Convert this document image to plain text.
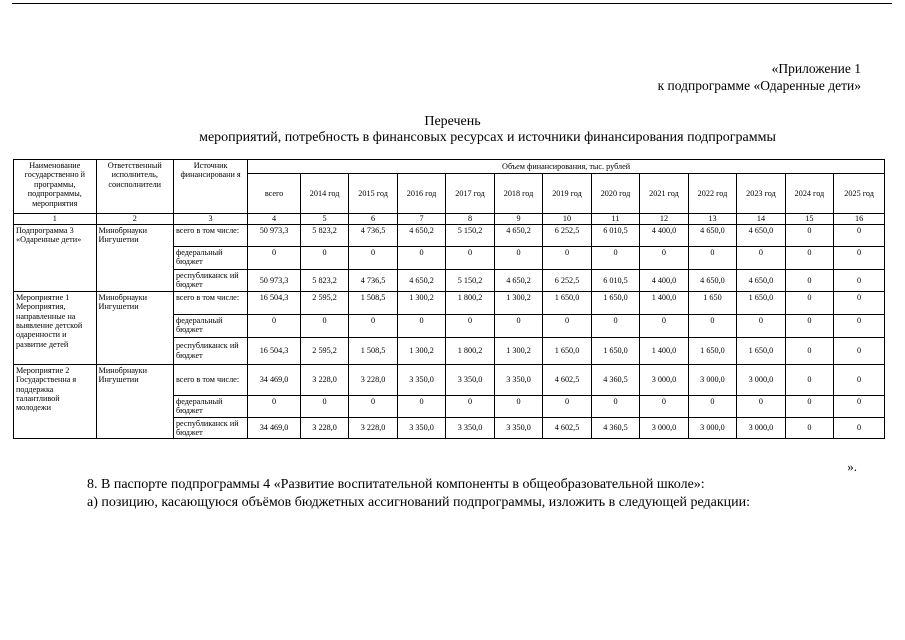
«Приложение 1
к подпрограмме «Одаренные дети»
Перечень
мероприятий, потребность в финансовых ресурсах и источники финансирования подпрограммы
Наименование государственно й программы, подпрограммы, мероприятия	Ответственный исполнитель, соисполнители	Источник финансировани я	Объем финансирования, тыс. рублей												
			всего	2014 год	2015 год	2016 год	2017 год	2018 год	2019 год	2020 год	2021 год	2022 год	2023 год	2024 год	2025 год
1	2	3	4	5	6	7	8	9	10	11	12	13	14	15	16
Подпрограмма 3 «Одаренные дети»	Минобрнауки Ингушетии	всего в том числе:	50 973,3	5 823,2	4 736,5	4 650,2	5 150,2	4 650,2	6 252,5	6 010,5	4 400,0	4 650,0	4 650,0	0	0
		федеральный бюджет	0	0	0	0	0	0	0	0	0	0	0	0	0
		республиканск ий бюджет	50 973,3	5 823,2	4 736,5	4 650,2	5 150,2	4 650,2	6 252,5	6 010,5	4 400,0	4 650,0	4 650,0	0	0
Мероприятие 1 Мероприятия, направленные на выявление детской одаренности и развитие детей	Минобрнауки Ингушетии	всего в том числе:	16 504,3	2 595,2	1 508,5	1 300,2	1 800,2	1 300,2	1 650,0	1 650,0	1 400,0	1 650	1 650,0	0	0
		федеральный бюджет	0	0	0	0	0	0	0	0	0	0	0	0	0
		республиканск ий бюджет	16 504,3	2 595,2	1 508,5	1 300,2	1 800,2	1 300,2	1 650,0	1 650,0	1 400,0	1 650,0	1 650,0	0	0
Мероприятие 2 Государственна я поддержка талантливой молодежи	Минобрнауки Ингушетии	всего в том числе:	34 469,0	3 228,0	3 228,0	3 350,0	3 350,0	3 350,0	4 602,5	4 360,5	3 000,0	3 000,0	3 000,0	0	0
		федеральный бюджет	0	0	0	0	0	0	0	0	0	0	0	0	0
		республиканск ий бюджет	34 469,0	3 228,0	3 228,0	3 350,0	3 350,0	3 350,0	4 602,5	4 360,5	3 000,0	3 000,0	3 000,0	0	0
».
8. В паспорте подпрограммы 4 «Развитие воспитательной компоненты в общеобразовательной школе»:
а) позицию, касающуюся объёмов бюджетных ассигнований подпрограммы, изложить в следующей редакции:
